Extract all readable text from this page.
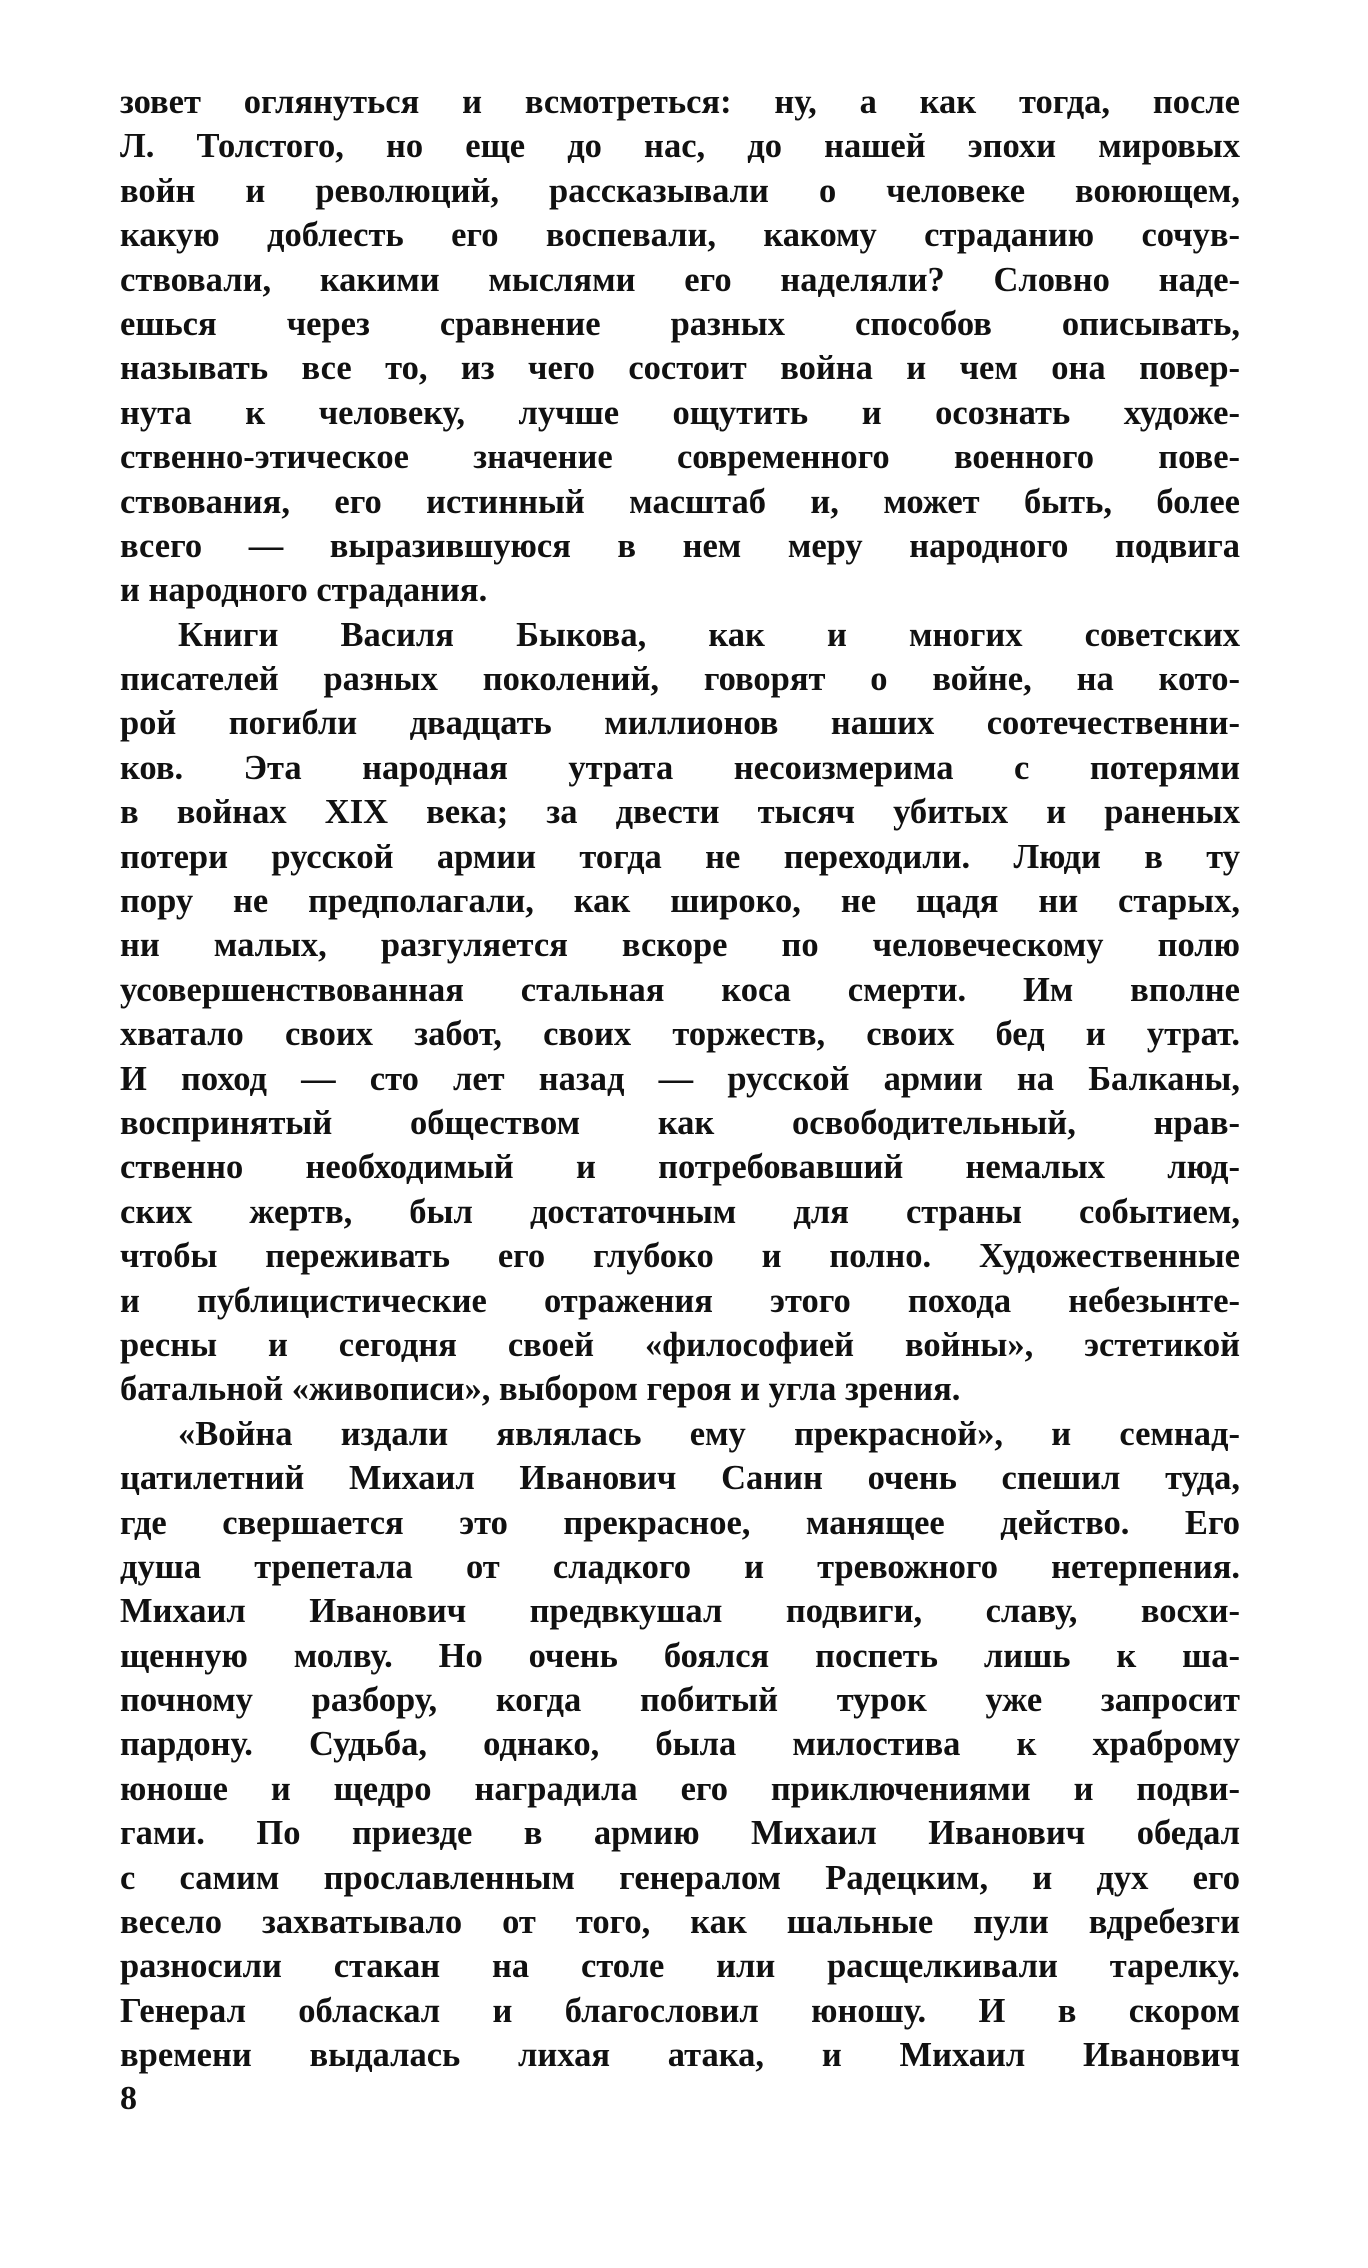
зовет оглянуться и всмотреться: ну, а как тогда, после
Л. Толстого, но еще до нас, до нашей эпохи мировых
войн и революций, рассказывали о человеке воюющем,
какую доблесть его воспевали, какому страданию сочув-
ствовали, какими мыслями его наделяли? Словно наде-
ешься через сравнение разных способов описывать,
называть все то, из чего состоит война и чем она повер-
нута к человеку, лучше ощутить и осознать художе-
ственно-этическое значение современного военного пове-
ствования, его истинный масштаб и, может быть, более
всего — выразившуюся в нем меру народного подвига
и народного страдания.
Книги Василя Быкова, как и многих советских
писателей разных поколений, говорят о войне, на кото-
рой погибли двадцать миллионов наших соотечественни-
ков. Эта народная утрата несоизмерима с потерями
в войнах XIX века; за двести тысяч убитых и раненых
потери русской армии тогда не переходили. Люди в ту
пору не предполагали, как широко, не щадя ни старых,
ни малых, разгуляется вскоре по человеческому полю
усовершенствованная стальная коса смерти. Им вполне
хватало своих забот, своих торжеств, своих бед и утрат.
И поход — сто лет назад — русской армии на Балканы,
воспринятый обществом как освободительный, нрав-
ственно необходимый и потребовавший немалых люд-
ских жертв, был достаточным для страны событием,
чтобы переживать его глубоко и полно. Художественные
и публицистические отражения этого похода небезынте-
ресны и сегодня своей «философией войны», эстетикой
батальной «живописи», выбором героя и угла зрения.
«Война издали являлась ему прекрасной», и семнад-
цатилетний Михаил Иванович Санин очень спешил туда,
где свершается это прекрасное, манящее действо. Его
душа трепетала от сладкого и тревожного нетерпения.
Михаил Иванович предвкушал подвиги, славу, восхи-
щенную молву. Но очень боялся поспеть лишь к ша-
почному разбору, когда побитый турок уже запросит
пардону. Судьба, однако, была милостива к храброму
юноше и щедро наградила его приключениями и подви-
гами. По приезде в армию Михаил Иванович обедал
с самим прославленным генералом Радецким, и дух его
весело захватывало от того, как шальные пули вдребезги
разносили стакан на столе или расщелкивали тарелку.
Генерал обласкал и благословил юношу. И в скором
времени выдалась лихая атака, и Михаил Иванович
8
